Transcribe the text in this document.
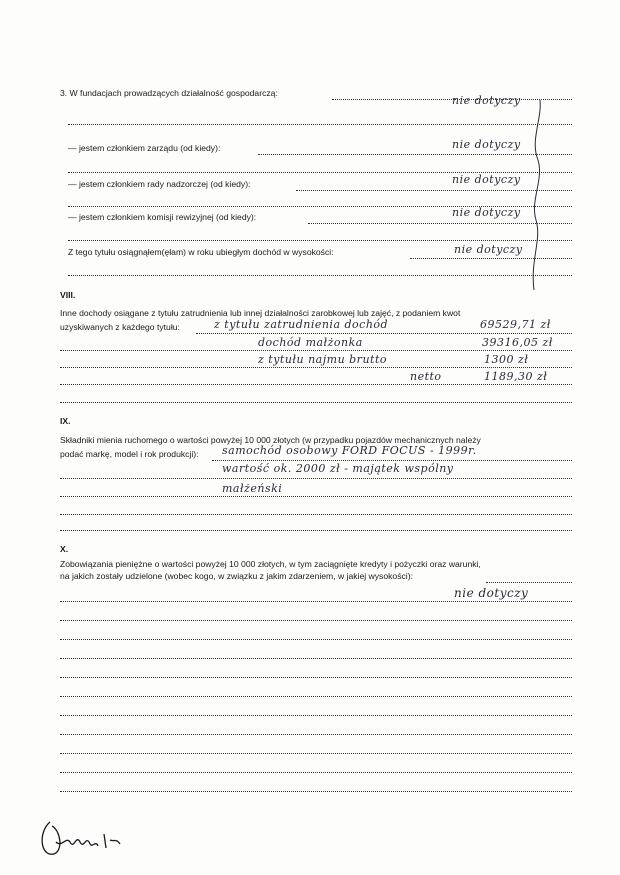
3. W fundacjach prowadzących działalność gospodarczą:
nie dotyczy
— jestem członkiem zarządu (od kiedy):	nie dotyczy
— jestem członkiem rady nadzorczej (od kiedy):	nie dotyczy
— jestem członkiem komisji rewizyjnej (od kiedy):	nie dotyczy
Z tego tytułu osiągnąłem(ęłam) w roku ubiegłym dochód w wysokości:	nie dotyczy
VIII.
Inne dochody osiągane z tytułu zatrudnienia lub innej działalności zarobkowej lub zajęć, z podaniem kwot
uzyskiwanych z każdego tytułu:	z tytułu zatrudnienia dochód	69529,71 zł
dochód małżonka	39316,05 zł
z tytułu najmu brutto	1300 zł
netto	1189,30 zł
IX.
Składniki mienia ruchomego o wartości powyżej 10 000 złotych (w przypadku pojazdów mechanicznych należy
podać markę, model i rok produkcji): samochód osobowy FORD FOCUS - 1999r.
wartość ok. 2000 zł - majątek wspólny
małżeński
X.
Zobowiązania pieniężne o wartości powyżej 10 000 złotych, w tym zaciągnięte kredyty i pożyczki oraz warunki,
na jakich zostały udzielone (wobec kogo, w związku z jakim zdarzeniem, w jakiej wysokości):
nie dotyczy
